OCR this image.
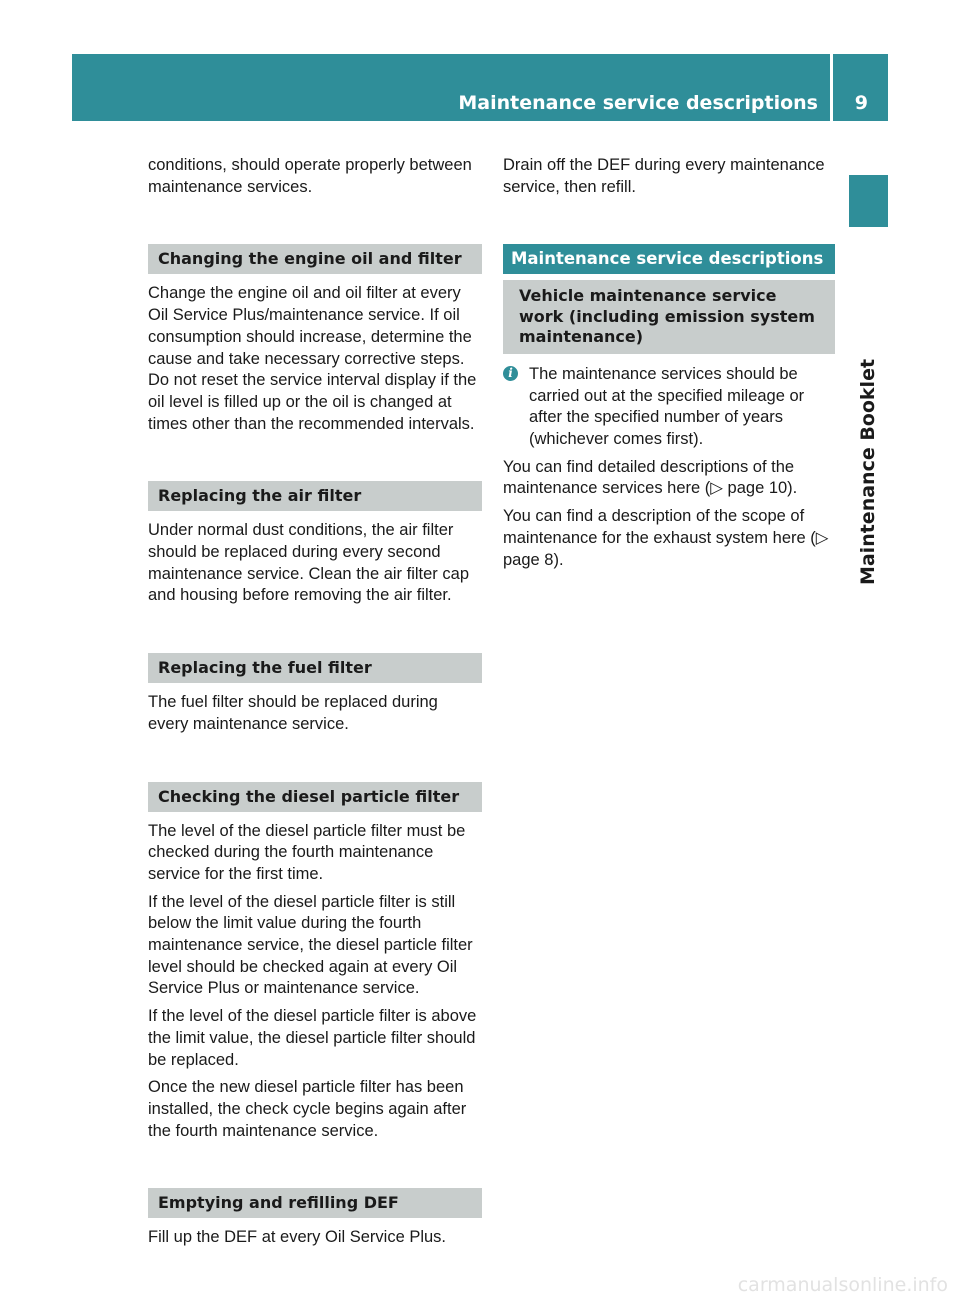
Maintenance service descriptions 9
Maintenance Booklet

conditions, should operate properly between maintenance services.

Changing the engine oil and filter

Change the engine oil and oil filter at every Oil Service Plus/maintenance service. If oil consumption should increase, determine the cause and take necessary corrective steps. Do not reset the service interval display if the oil level is filled up or the oil is changed at times other than the recommended intervals.

Replacing the air filter

Under normal dust conditions, the air filter should be replaced during every second maintenance service. Clean the air filter cap and housing before removing the air filter.

Replacing the fuel filter

The fuel filter should be replaced during every maintenance service.

Checking the diesel particle filter

The level of the diesel particle filter must be checked during the fourth maintenance service for the first time.

If the level of the diesel particle filter is still below the limit value during the fourth maintenance service, the diesel particle filter level should be checked again at every Oil Service Plus or maintenance service.

If the level of the diesel particle filter is above the limit value, the diesel particle filter should be replaced.

Once the new diesel particle filter has been installed, the check cycle begins again after the fourth maintenance service.

Emptying and refilling DEF

Fill up the DEF at every Oil Service Plus.

Drain off the DEF during every maintenance service, then refill.

Maintenance service descriptions
Vehicle maintenance service work (including emission system maintenance)
i The maintenance services should be carried out at the specified mileage or after the specified number of years (whichever comes first).

You can find detailed descriptions of the maintenance services here (▷ page 10).

You can find a description of the scope of maintenance for the exhaust system here (▷ page 8).

carmanualsonline.info
